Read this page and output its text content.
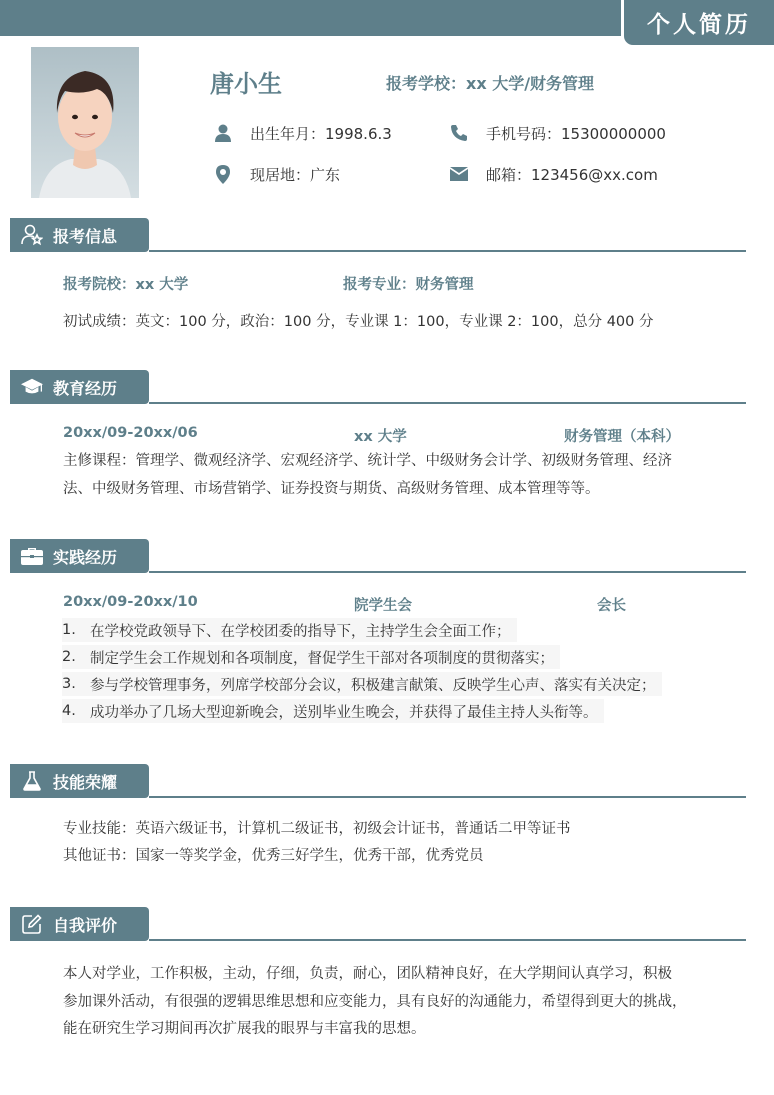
个人简历
唐小生	报考学校：xx 大学/财务管理
出生年月：1998.6.3	手机号码：15300000000
现居地：广东	邮箱：123456@xx.com
报考信息
报考院校：xx 大学	报考专业：财务管理
初试成绩：英文：100 分，政治：100 分，专业课 1：100，专业课 2：100，总分 400 分
教育经历
20xx/09-20xx/06	xx 大学	财务管理（本科）
主修课程：管理学、微观经济学、宏观经济学、统计学、中级财务会计学、初级财务管理、经济
法、中级财务管理、市场营销学、证券投资与期货、高级财务管理、成本管理等等。
实践经历
20xx/09-20xx/10	院学生会	会长
1. 在学校党政领导下、在学校团委的指导下，主持学生会全面工作；
2. 制定学生会工作规划和各项制度，督促学生干部对各项制度的贯彻落实；
3. 参与学校管理事务，列席学校部分会议，积极建言献策、反映学生心声、落实有关决定；
4. 成功举办了几场大型迎新晚会，送别毕业生晚会，并获得了最佳主持人头衔等。
技能荣耀
专业技能：英语六级证书，计算机二级证书，初级会计证书，普通话二甲等证书
其他证书：国家一等奖学金，优秀三好学生，优秀干部，优秀党员
自我评价
本人对学业，工作积极，主动，仔细，负责，耐心，团队精神良好，在大学期间认真学习，积极
参加课外活动，有很强的逻辑思维思想和应变能力，具有良好的沟通能力，希望得到更大的挑战，
能在研究生学习期间再次扩展我的眼界与丰富我的思想。
